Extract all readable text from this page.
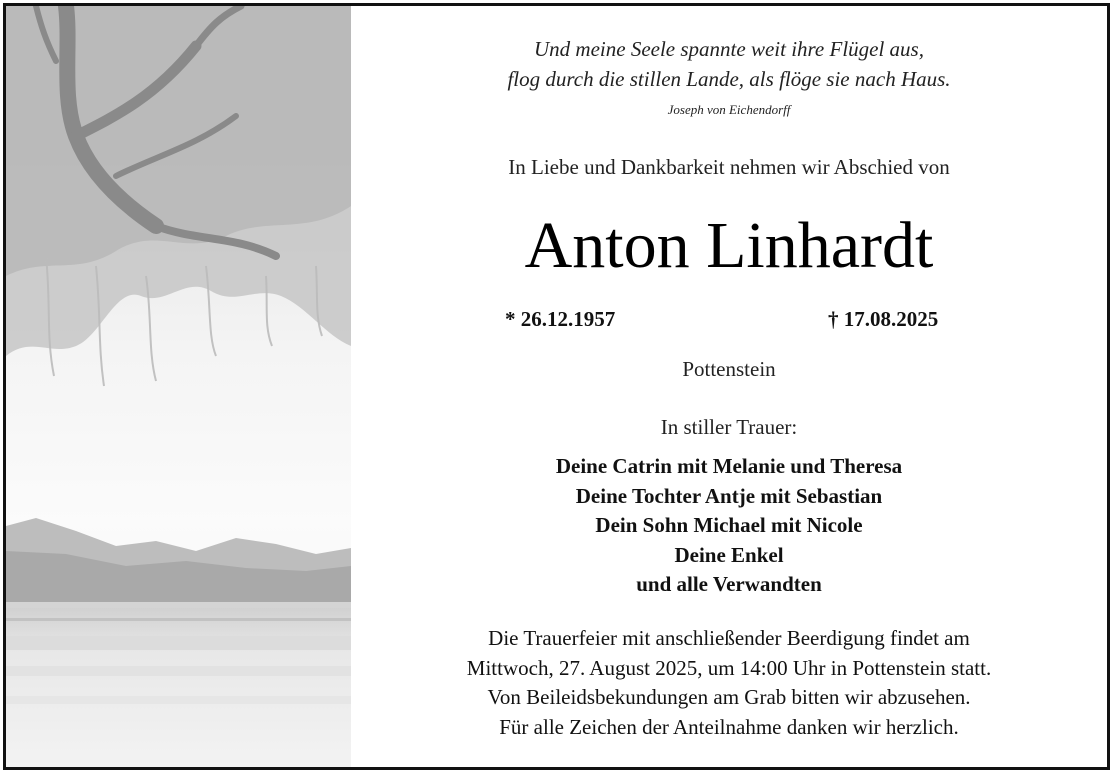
Und meine Seele spannte weit ihre Flügel aus,
flog durch die stillen Lande, als flöge sie nach Haus.
Joseph von Eichendorff
In Liebe und Dankbarkeit nehmen wir Abschied von
Anton Linhardt
* 26.12.1957	† 17.08.2025
Pottenstein
In stiller Trauer:
Deine Catrin mit Melanie und Theresa
Deine Tochter Antje mit Sebastian
Dein Sohn Michael mit Nicole
Deine Enkel
und alle Verwandten
Die Trauerfeier mit anschließender Beerdigung findet am
Mittwoch, 27. August 2025, um 14:00 Uhr in Pottenstein statt.
Von Beileidsbekundungen am Grab bitten wir abzusehen.
Für alle Zeichen der Anteilnahme danken wir herzlich.
